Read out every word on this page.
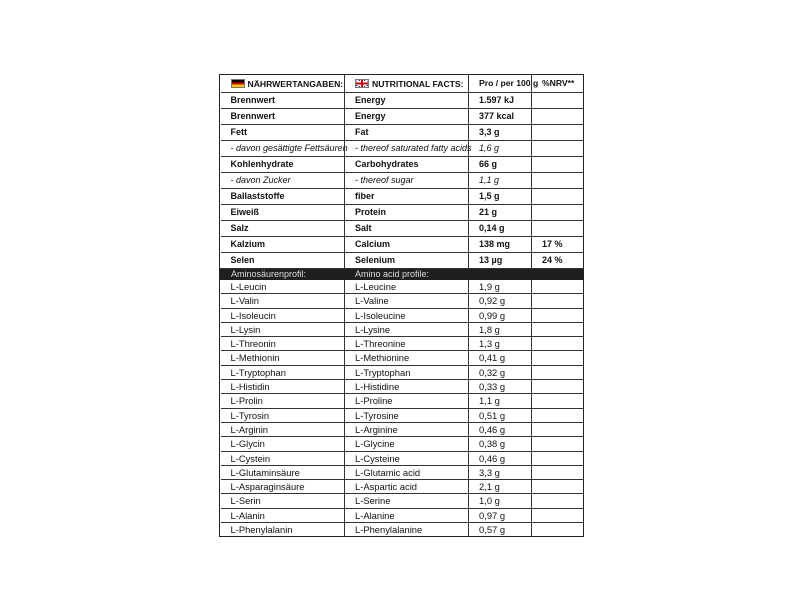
NÄHRWERTANGABEN:	NUTRITIONAL FACTS:	Pro / per 100 g	%NRV**
Brennwert	Energy	1.597 kJ	
Brennwert	Energy	377 kcal	
Fett	Fat	3,3 g	
- davon gesättigte Fettsäuren	- thereof saturated fatty acids	1,6 g	
Kohlenhydrate	Carbohydrates	66 g	
- davon Zucker	- thereof sugar	1,1 g	
Ballaststoffe	fiber	1,5 g	
Eiweiß	Protein	21 g	
Salz	Salt	0,14 g	
Kalzium	Calcium	138 mg	17 %
Selen	Selenium	13 µg	24 %
Aminosäurenprofil:	Amino acid profile:		
L-Leucin	L-Leucine	1,9 g	
L-Valin	L-Valine	0,92 g	
L-Isoleucin	L-Isoleucine	0,99 g	
L-Lysin	L-Lysine	1,8 g	
L-Threonin	L-Threonine	1,3 g	
L-Methionin	L-Methionine	0,41 g	
L-Tryptophan	L-Tryptophan	0,32 g	
L-Histidin	L-Histidine	0,33 g	
L-Prolin	L-Proline	1,1 g	
L-Tyrosin	L-Tyrosine	0,51 g	
L-Arginin	L-Arginine	0,46 g	
L-Glycin	L-Glycine	0,38 g	
L-Cystein	L-Cysteine	0,46 g	
L-Glutaminsäure	L-Glutamic acid	3,3 g	
L-Asparaginsäure	L-Aspartic acid	2,1 g	
L-Serin	L-Serine	1,0 g	
L-Alanin	L-Alanine	0,97 g	
L-Phenylalanin	L-Phenylalanine	0,57 g	
